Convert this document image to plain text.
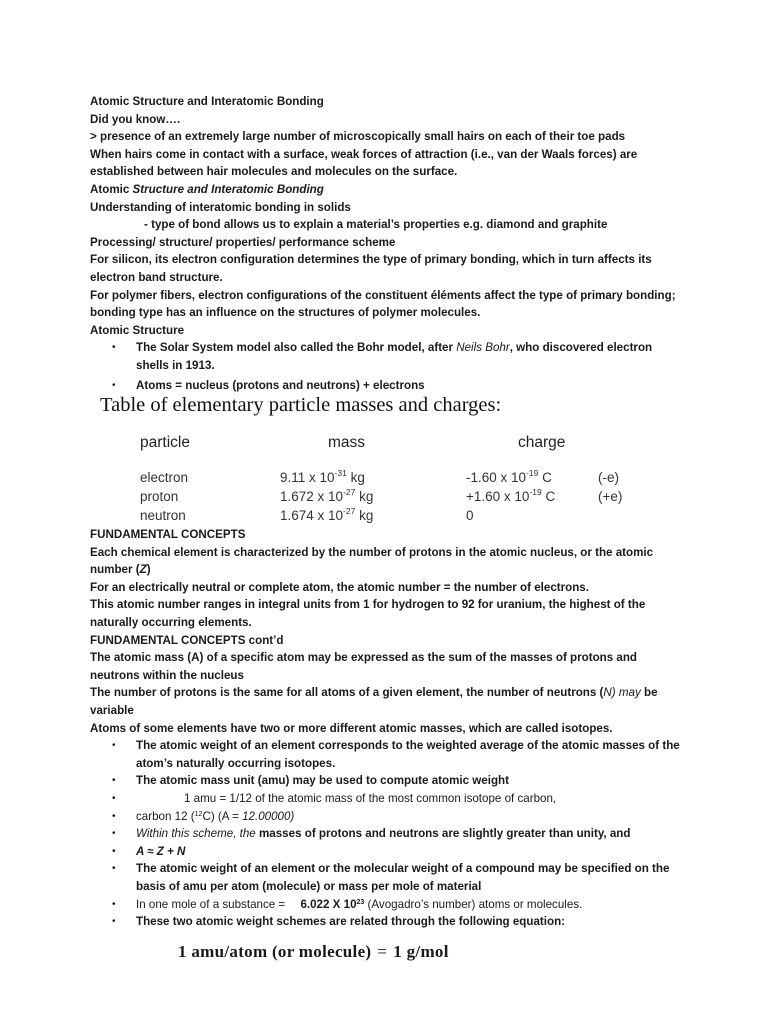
Atomic Structure and Interatomic Bonding
Did you know….
> presence of an extremely large number of microscopically small hairs on each of their toe pads
When hairs come in contact with a surface, weak forces of attraction (i.e., van der Waals forces) are established between hair molecules and molecules on the surface.
Atomic Structure and Interatomic Bonding
Understanding of interatomic bonding in solids
- type of bond allows us to explain a material’s properties e.g. diamond and graphite
Processing/ structure/ properties/ performance scheme
For silicon, its electron configuration determines the type of primary bonding, which in turn affects its electron band structure.
For polymer fibers, electron configurations of the constituent éléments affect the type of primary bonding; bonding type has an influence on the structures of polymer molecules.
Atomic Structure
• The Solar System model also called the Bohr model, after Neils Bohr, who discovered electron shells in 1913.
• Atoms = nucleus (protons and neutrons) + electrons
Table of elementary particle masses and charges:
particle	mass	charge
electron	9.11 x $10^{-31}$ kg	-1.60 x $10^{-19}$ C	(-e)
proton	1.672 x $10^{-27}$ kg	+1.60 x $10^{-19}$ C	(+e)
neutron	1.674 x $10^{-27}$ kg	0
FUNDAMENTAL CONCEPTS
Each chemical element is characterized by the number of protons in the atomic nucleus, or the atomic number (Z)
For an electrically neutral or complete atom, the atomic number = the number of electrons.
This atomic number ranges in integral units from 1 for hydrogen to 92 for uranium, the highest of the naturally occurring elements.
FUNDAMENTAL CONCEPTS cont’d
The atomic mass (A) of a specific atom may be expressed as the sum of the masses of protons and neutrons within the nucleus
The number of protons is the same for all atoms of a given element, the number of neutrons (N) may be variable
Atoms of some elements have two or more different atomic masses, which are called isotopes.
• The atomic weight of an element corresponds to the weighted average of the atomic masses of the atom’s naturally occurring isotopes.
• The atomic mass unit (amu) may be used to compute atomic weight
• 1 amu = 1/12 of the atomic mass of the most common isotope of carbon,
• carbon 12 ($^{12}$C) (A = 12.00000)
• Within this scheme, the masses of protons and neutrons are slightly greater than unity, and
• A ≈ Z + N
• The atomic weight of an element or the molecular weight of a compound may be specified on the basis of amu per atom (molecule) or mass per mole of material
• In one mole of a substance = 6.022 X $10^{23}$ (Avogadro’s number) atoms or molecules.
• These two atomic weight schemes are related through the following equation:
1 amu/atom (or molecule) = 1 g/mol
